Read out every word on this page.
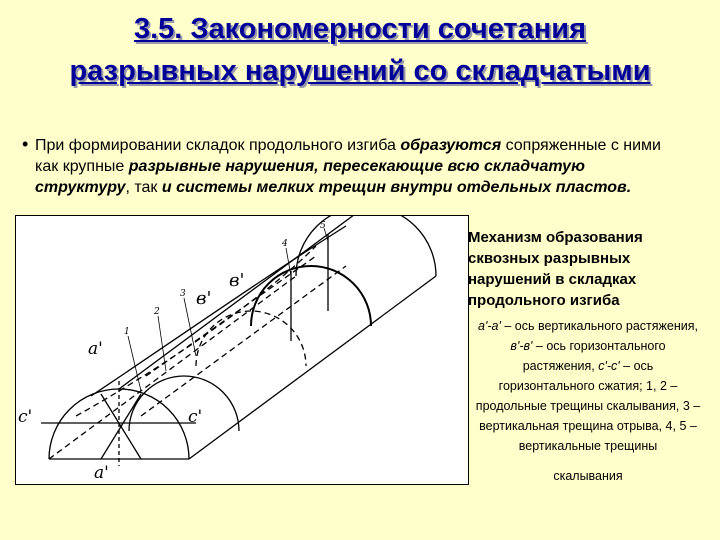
3.5. Закономерности сочетания
разрывных нарушений со складчатыми
• При формировании складок продольного изгиба образуются сопряженные с ними как крупные разрывные нарушения, пересекающие всю складчатую структуру, так и системы мелких трещин внутри отдельных пластов.

a'
a'
c'	c'
в'
в'
1
2
3
4
5
Механизм образования сквозных разрывных нарушений в складках продольного изгиба
a'-a' – ось вертикального растяжения, в'-в' – ось горизонтального растяжения, c'-c' – ось горизонтального сжатия; 1, 2 – продольные трещины скалывания, 3 – вертикальная трещина отрыва, 4, 5 – вертикальные трещины
скалывания
